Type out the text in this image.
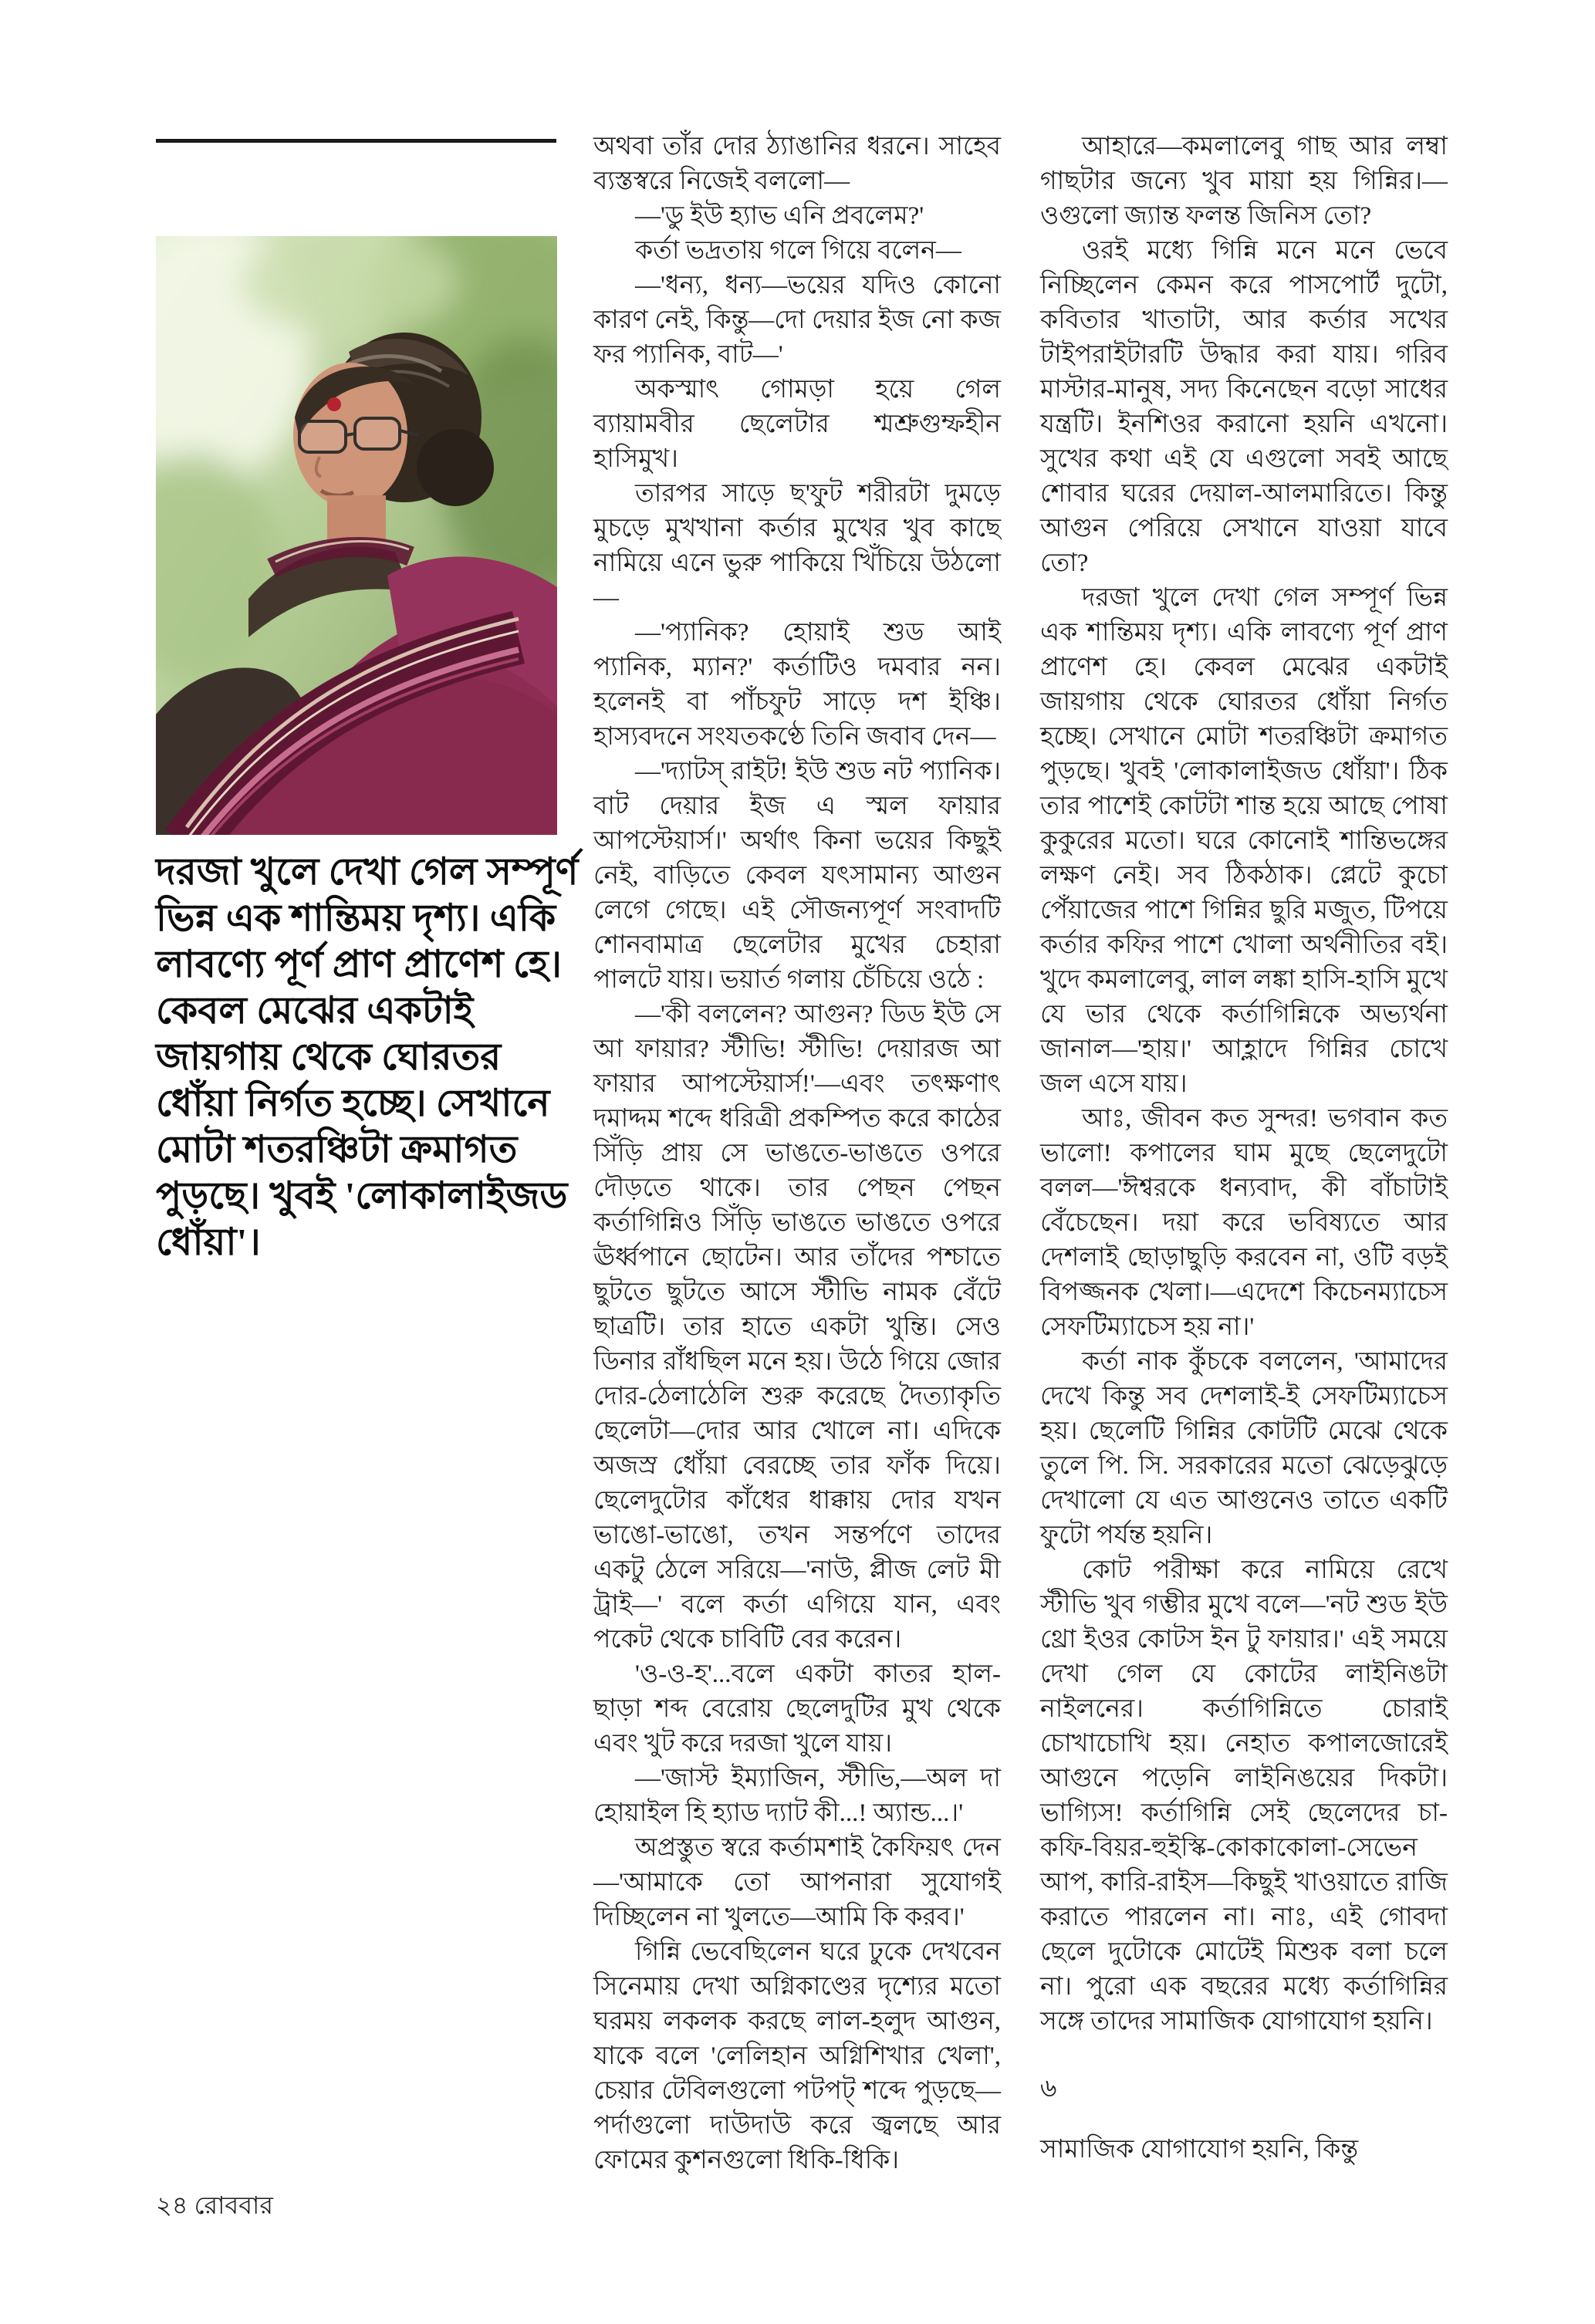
দরজা খুলে দেখা গেল সম্পূর্ণ ভিন্ন এক শান্তিময় দৃশ্য। একি লাবণ্যে পূর্ণ প্রাণ প্রাণেশ হে। কেবল মেঝের একটাই জায়গায় থেকে ঘোরতর ধোঁয়া নির্গত হচ্ছে। সেখানে মোটা শতরঞ্চিটা ক্রমাগত পুড়ছে। খুবই 'লোকালাইজড ধোঁয়া'।

অথবা তাঁর দোর ঠ্যাঙানির ধরনে। সাহেব ব্যস্তস্বরে নিজেই বললো—

—'ডু ইউ হ্যাভ এনি প্রবলেম?'

কর্তা ভদ্রতায় গলে গিয়ে বলেন—

—'ধন্য, ধন্য—ভয়ের যদিও কোনো কারণ নেই, কিন্তু—দো দেয়ার ইজ নো কজ ফর প্যানিক, বাট—'

অকস্মাৎ গোমড়া হয়ে গেল ব্যায়ামবীর ছেলেটার শ্মশ্রুগুম্ফহীন হাসিমুখ।

তারপর সাড়ে ছ'ফুট শরীরটা দুমড়ে মুচড়ে মুখখানা কর্তার মুখের খুব কাছে নামিয়ে এনে ভুরু পাকিয়ে খিঁচিয়ে উঠলো—

—'প্যানিক? হোয়াই শুড আই প্যানিক, ম্যান?' কর্তাটিও দমবার নন। হলেনই বা পাঁচফুট সাড়ে দশ ইঞ্চি। হাস্যবদনে সংযতকণ্ঠে তিনি জবাব দেন—

—'দ্যাটস্ রাইট! ইউ শুড নট প্যানিক। বাট দেয়ার ইজ এ স্মল ফায়ার আপস্টেয়ার্স।' অর্থাৎ কিনা ভয়ের কিছুই নেই, বাড়িতে কেবল যৎসামান্য আগুন লেগে গেছে। এই সৌজন্যপূর্ণ সংবাদটি শোনবামাত্র ছেলেটার মুখের চেহারা পালটে যায়। ভয়ার্ত গলায় চেঁচিয়ে ওঠে :

—'কী বললেন? আগুন? ডিড ইউ সে আ ফায়ার? স্টীভি! স্টীভি! দেয়ারজ আ ফায়ার আপস্টেয়ার্স!'—এবং তৎক্ষণাৎ দমাদ্দম শব্দে ধরিত্রী প্রকম্পিত করে কাঠের সিঁড়ি প্রায় সে ভাঙতে-ভাঙতে ওপরে দৌড়তে থাকে। তার পেছন পেছন কর্তাগিন্নিও সিঁড়ি ভাঙতে ভাঙতে ওপরে ঊর্ধ্বপানে ছোটেন। আর তাঁদের পশ্চাতে ছুটতে ছুটতে আসে স্টীভি নামক বেঁটে ছাত্রটি। তার হাতে একটা খুন্তি। সেও ডিনার রাঁধছিল মনে হয়। উঠে গিয়ে জোর দোর-ঠেলাঠেলি শুরু করেছে দৈত্যাকৃতি ছেলেটা—দোর আর খোলে না। এদিকে অজস্র ধোঁয়া বেরচ্ছে তার ফাঁক দিয়ে। ছেলেদুটোর কাঁধের ধাক্কায় দোর যখন ভাঙো-ভাঙো, তখন সন্তর্পণে তাদের একটু ঠেলে সরিয়ে—'নাউ, প্লীজ লেট মী ট্রাই—' বলে কর্তা এগিয়ে যান, এবং পকেট থেকে চাবিটি বের করেন।

'ও-ও-হ'...বলে একটা কাতর হাল-ছাড়া শব্দ বেরোয় ছেলেদুটির মুখ থেকে এবং খুট করে দরজা খুলে যায়।

—'জাস্ট ইম্যাজিন, স্টীভি,—অল দা হোয়াইল হি হ্যাড দ্যাট কী...! অ্যান্ড...।'

অপ্রস্তুত স্বরে কর্তামশাই কৈফিয়ৎ দেন—'আমাকে তো আপনারা সুযোগই দিচ্ছিলেন না খুলতে—আমি কি করব।'

গিন্নি ভেবেছিলেন ঘরে ঢুকে দেখবেন সিনেমায় দেখা অগ্নিকাণ্ডের দৃশ্যের মতো ঘরময় লকলক করছে লাল-হলুদ আগুন, যাকে বলে 'লেলিহান অগ্নিশিখার খেলা', চেয়ার টেবিলগুলো পটপট্‌ শব্দে পুড়ছে—পর্দাগুলো দাউদাউ করে জ্বলছে আর ফোমের কুশনগুলো ধিকি-ধিকি।

আহারে—কমলালেবু গাছ আর লম্বা গাছটার জন্যে খুব মায়া হয় গিন্নির।—ওগুলো জ্যান্ত ফলন্ত জিনিস তো?

ওরই মধ্যে গিন্নি মনে মনে ভেবে নিচ্ছিলেন কেমন করে পাসপোর্ট দুটো, কবিতার খাতাটা, আর কর্তার সখের টাইপরাইটারটি উদ্ধার করা যায়। গরিব মাস্টার-মানুষ, সদ্য কিনেছেন বড়ো সাধের যন্ত্রটি। ইনশিওর করানো হয়নি এখনো। সুখের কথা এই যে এগুলো সবই আছে শোবার ঘরের দেয়াল-আলমারিতে। কিন্তু আগুন পেরিয়ে সেখানে যাওয়া যাবে তো?

দরজা খুলে দেখা গেল সম্পূর্ণ ভিন্ন এক শান্তিময় দৃশ্য। একি লাবণ্যে পূর্ণ প্রাণ প্রাণেশ হে। কেবল মেঝের একটাই জায়গায় থেকে ঘোরতর ধোঁয়া নির্গত হচ্ছে। সেখানে মোটা শতরঞ্চিটা ক্রমাগত পুড়ছে। খুবই 'লোকালাইজড ধোঁয়া'। ঠিক তার পাশেই কোটটা শান্ত হয়ে আছে পোষা কুকুরের মতো। ঘরে কোনোই শান্তিভঙ্গের লক্ষণ নেই। সব ঠিকঠাক। প্লেটে কুচো পেঁয়াজের পাশে গিন্নির ছুরি মজুত, টিপয়ে কর্তার কফির পাশে খোলা অর্থনীতির বই। খুদে কমলালেবু, লাল লঙ্কা হাসি-হাসি মুখে যে ভার থেকে কর্তাগিন্নিকে অভ্যর্থনা জানাল—'হায়।' আহ্লাদে গিন্নির চোখে জল এসে যায়।

আঃ, জীবন কত সুন্দর! ভগবান কত ভালো! কপালের ঘাম মুছে ছেলেদুটো বলল—'ঈশ্বরকে ধন্যবাদ, কী বাঁচাটাই বেঁচেছেন। দয়া করে ভবিষ্যতে আর দেশলাই ছোড়াছুড়ি করবেন না, ওটি বড়ই বিপজ্জনক খেলা।—এদেশে কিচেনম্যাচেস সেফটিম্যাচেস হয় না।'

কর্তা নাক কুঁচকে বললেন, 'আমাদের দেখে কিন্তু সব দেশলাই-ই সেফটিম্যাচেস হয়। ছেলেটি গিন্নির কোটটি মেঝে থেকে তুলে পি. সি. সরকারের মতো ঝেড়েঝুড়ে দেখালো যে এত আগুনেও তাতে একটি ফুটো পর্যন্ত হয়নি।

কোট পরীক্ষা করে নামিয়ে রেখে স্টীভি খুব গম্ভীর মুখে বলে—'নট শুড ইউ থ্রো ইওর কোটস ইন টু ফায়ার।' এই সময়ে দেখা গেল যে কোটের লাইনিঙটা নাইলনের। কর্তাগিন্নিতে চোরাই চোখাচোখি হয়। নেহাত কপালজোরেই আগুনে পড়েনি লাইনিঙয়ের দিকটা। ভাগ্যিস! কর্তাগিন্নি সেই ছেলেদের চা-কফি-বিয়র-হুইস্কি-কোকাকোলা-সেভেন আপ, কারি-রাইস—কিছুই খাওয়াতে রাজি করাতে পারলেন না। নাঃ, এই গোবদা ছেলে দুটোকে মোটেই মিশুক বলা চলে না। পুরো এক বছরের মধ্যে কর্তাগিন্নির সঙ্গে তাদের সামাজিক যোগাযোগ হয়নি।

৬

সামাজিক যোগাযোগ হয়নি, কিন্তু

২৪ রোববার
